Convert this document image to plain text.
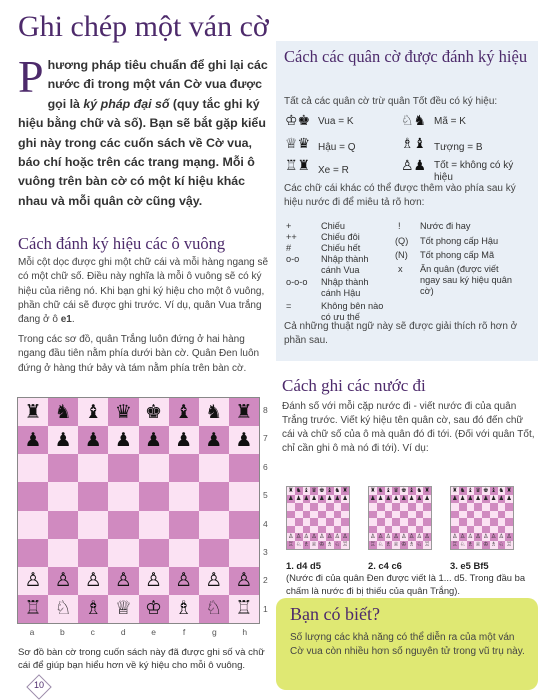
Ghi chép một ván cờ
Phương pháp tiêu chuẩn để ghi lại các nước đi trong một ván Cờ vua được gọi là ký pháp đại số (quy tắc ghi ký hiệu bằng chữ và số). Bạn sẽ bắt gặp kiểu ghi này trong các cuốn sách về Cờ vua, báo chí hoặc trên các trang mạng. Mỗi ô vuông trên bàn cờ có một kí hiệu khác nhau và mỗi quân cờ cũng vậy.
Cách đánh ký hiệu các ô vuông
Mỗi cột dọc được ghi một chữ cái và mỗi hàng ngang sẽ có một chữ số. Điều này nghĩa là mỗi ô vuông sẽ có ký hiệu của riêng nó. Khi bạn ghi ký hiệu cho một ô vuông, phần chữ cái sẽ được ghi trước. Ví dụ, quân Vua trắng đang ở ô e1.
Trong các sơ đồ, quân Trắng luôn đứng ở hai hàng ngang đầu tiên nằm phía dưới bàn cờ. Quân Đen luôn đứng ở hàng thứ bảy và tám nằm phía trên bàn cờ.
♜ ♞ ♝ ♛ ♚ ♝ ♞ ♜
♟ ♟ ♟ ♟ ♟ ♟ ♟ ♟
♙ ♙ ♙ ♙ ♙ ♙ ♙ ♙
♖ ♘ ♗ ♕ ♔ ♗ ♘ ♖
8
7
6
5
4
3
2
1
a	b	c	d	e	f	g	h
Sơ đồ bàn cờ trong cuốn sách này đã được ghi số và chữ cái để giúp bạn hiểu hơn về ký hiệu cho mỗi ô vuông.
10
Cách các quân cờ được đánh ký hiệu
Tất cả các quân cờ trừ quân Tốt đều có ký hiệu:
♔♚ Vua = K	♘♞ Mã = K
♕♛ Hậu = Q	♗♝ Tượng = B
♖♜ Xe = R	♙♟ Tốt = không có ký hiệu
Các chữ cái khác có thể được thêm vào phía sau ký hiệu nước đi để miêu tả rõ hơn:
+	Chiếu
++	Chiếu đôi
#	Chiếu hết
o-o Nhập thành cánh Vua
o-o-o Nhập thành cánh Hậu
=	Không bên nào có ưu thế
! Nước đi hay
(Q) Tốt phong cấp Hậu
(N) Tốt phong cấp Mã
x Ăn quân (được viết ngay sau ký hiệu quân cờ)
Cả những thuật ngữ này sẽ được giải thích rõ hơn ở phần sau.
Cách ghi các nước đi
Đánh số với mỗi cặp nước đi - viết nước đi của quân Trắng trước. Viết ký hiệu tên quân cờ, sau đó đến chữ cái và chữ số của ô mà quân đó đi tới. (Đối với quân Tốt, chỉ cần ghi ô mà nó đi tới). Ví dụ:
♜ ♞ ♝ ♛ ♚ ♝ ♞ ♜
♟ ♟ ♟ ♟ ♟ ♟ ♟ ♟
♙ ♙ ♙ ♙ ♙ ♙ ♙ ♙
♖ ♘ ♗ ♕ ♔ ♗ ♘ ♖
♜ ♞ ♝ ♛ ♚ ♝ ♞ ♜
♟ ♟ ♟ ♟ ♟ ♟ ♟ ♟
♙ ♙ ♙ ♙ ♙ ♙ ♙ ♙
♖ ♘ ♗ ♕ ♔ ♗ ♘ ♖
♜ ♞ ♝ ♛ ♚ ♝ ♞ ♜
♟ ♟ ♟ ♟ ♟ ♟ ♟ ♟
♙ ♙ ♙ ♙ ♙ ♙ ♙ ♙
♖ ♘ ♗ ♕ ♔ ♗ ♘ ♖
1. d4 d5	2. c4 c6	3. e5 Bf5
(Nước đi của quân Đen được viết là 1... d5. Trong đầu ba chấm là nước đi bị thiếu của quân Trắng).
Bạn có biết?
Số lượng các khả năng có thể diễn ra của một ván Cờ vua còn nhiều hơn số nguyên tử trong vũ trụ này.
